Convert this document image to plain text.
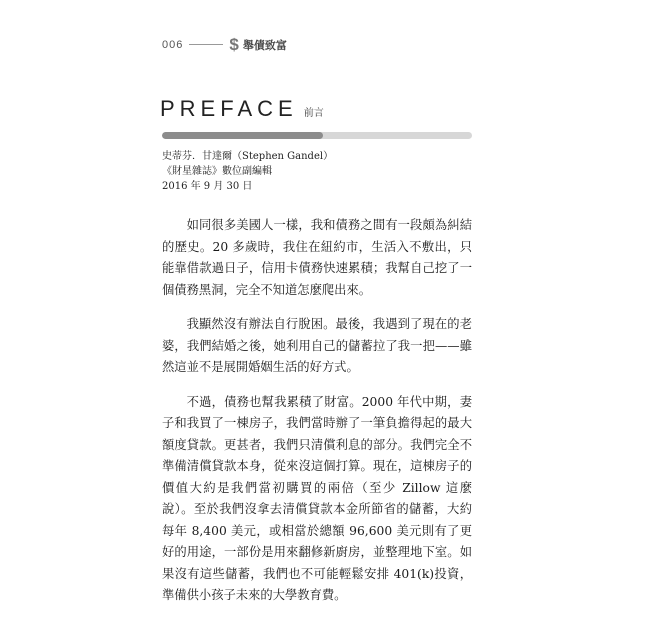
006	$ 舉債致富
PREFACE 前言
史蒂芬．甘達爾（Stephen Gandel）
《財星雜誌》數位副編輯
2016 年 9 月 30 日

如同很多美國人一樣，我和債務之間有一段頗為糾結的歷史。20 多歲時，我住在紐約市，生活入不敷出，只能靠借款過日子，信用卡債務快速累積；我幫自己挖了一個債務黑洞，完全不知道怎麼爬出來。

我顯然沒有辦法自行脫困。最後，我遇到了現在的老婆，我們結婚之後，她利用自己的儲蓄拉了我一把——雖然這並不是展開婚姻生活的好方式。

不過，債務也幫我累積了財富。2000 年代中期，妻子和我買了一棟房子，我們當時辦了一筆負擔得起的最大額度貸款。更甚者，我們只清償利息的部分。我們完全不準備清償貸款本身，從來沒這個打算。現在，這棟房子的價值大約是我們當初購買的兩倍（至少 Zillow 這麼說）。至於我們沒拿去清償貸款本金所節省的儲蓄，大約每年 8,400 美元，或相當於總額 96,600 美元則有了更好的用途，一部份是用來翻修新廚房，並整理地下室。如果沒有這些儲蓄，我們也不可能輕鬆安排 401(k)投資，準備供小孩子未來的大學教育費。
